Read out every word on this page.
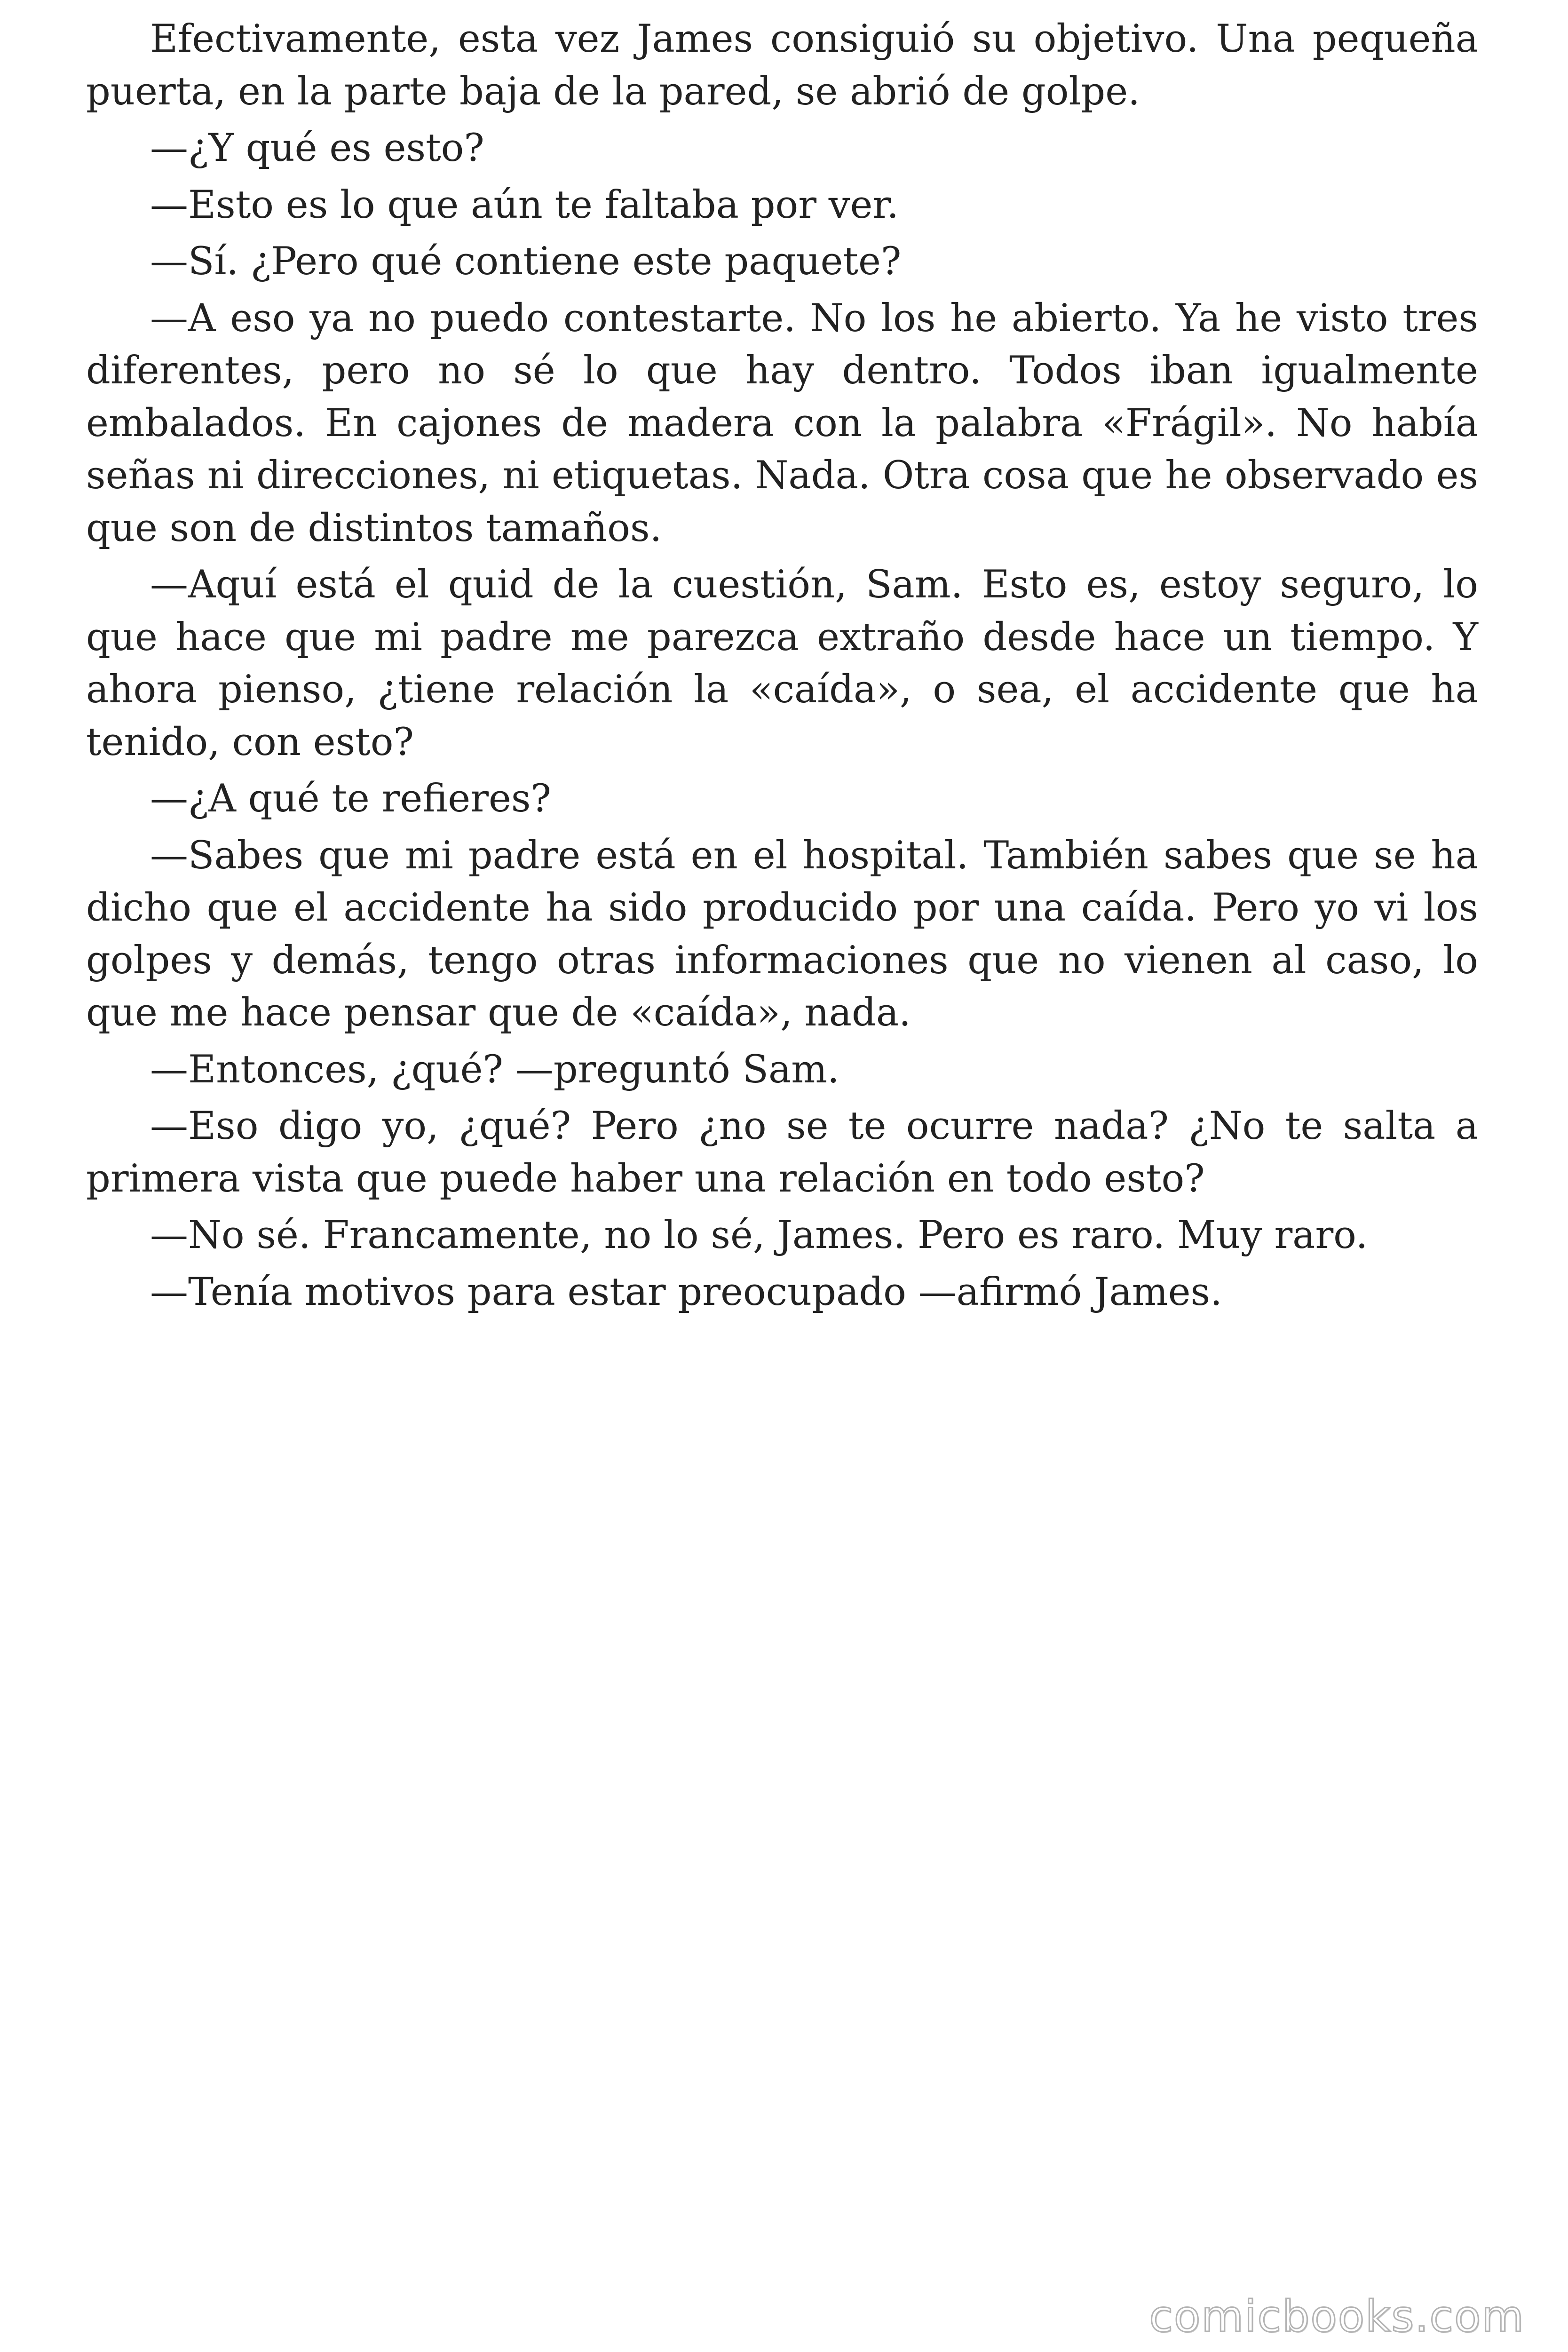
Efectivamente, esta vez James consiguió su objetivo. Una pequeña puerta, en la parte baja de la pared, se abrió de golpe.

—¿Y qué es esto?

—Esto es lo que aún te faltaba por ver.

—Sí. ¿Pero qué contiene este paquete?

—A eso ya no puedo contestarte. No los he abierto. Ya he visto tres diferentes, pero no sé lo que hay dentro. Todos iban igualmente embalados. En cajones de madera con la palabra «Frágil». No había señas ni direcciones, ni etiquetas. Nada. Otra cosa que he observado es que son de distintos tamaños.

—Aquí está el quid de la cuestión, Sam. Esto es, estoy seguro, lo que hace que mi padre me parezca extraño desde hace un tiempo. Y ahora pienso, ¿tiene relación la «caída», o sea, el accidente que ha tenido, con esto?

—¿A qué te refieres?

—Sabes que mi padre está en el hospital. También sabes que se ha dicho que el accidente ha sido producido por una caída. Pero yo vi los golpes y demás, tengo otras informaciones que no vienen al caso, lo que me hace pensar que de «caída», nada.

—Entonces, ¿qué? —preguntó Sam.

—Eso digo yo, ¿qué? Pero ¿no se te ocurre nada? ¿No te salta a primera vista que puede haber una relación en todo esto?

—No sé. Francamente, no lo sé, James. Pero es raro. Muy raro.

—Tenía motivos para estar preocupado —afirmó James.

comicbooks.com
